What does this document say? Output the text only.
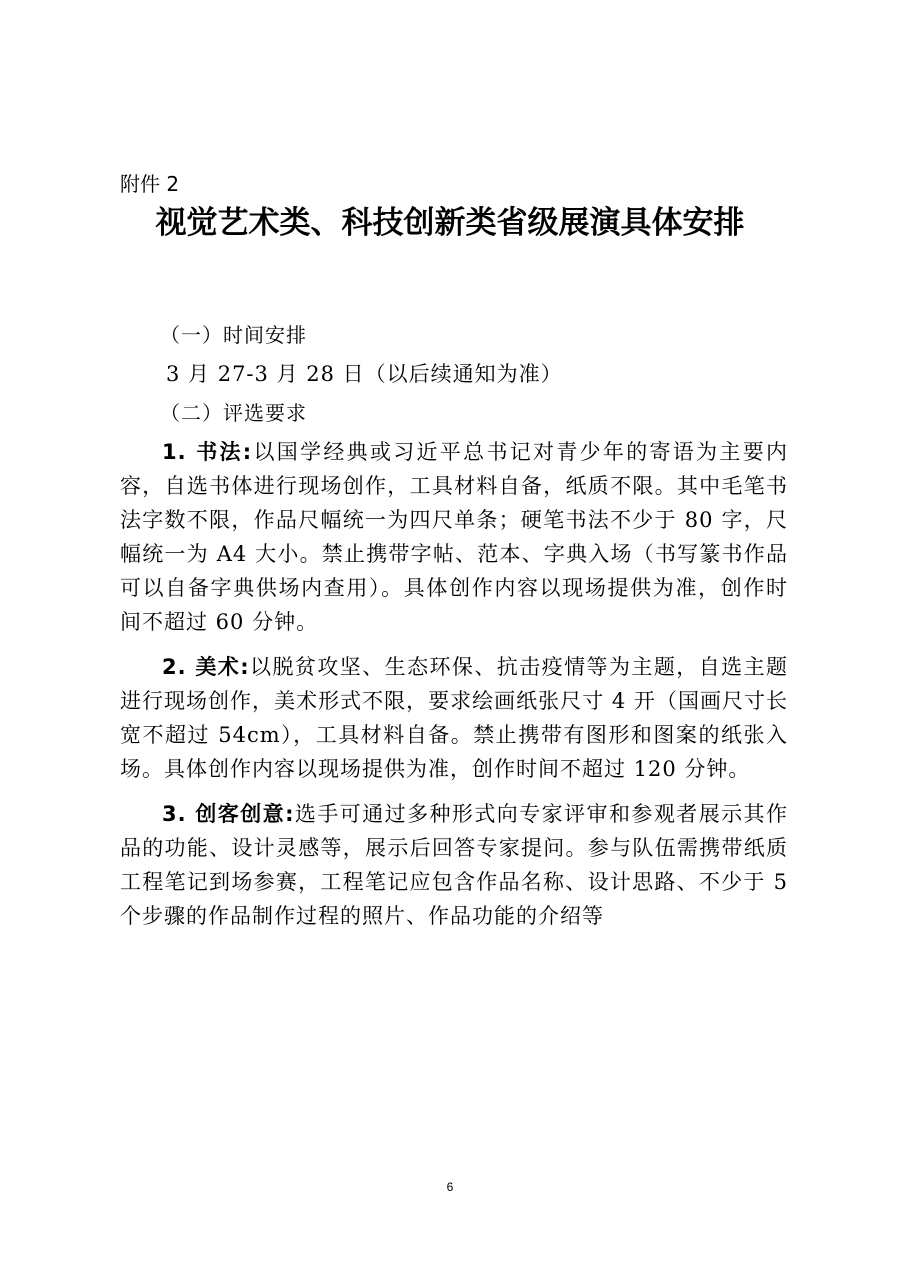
附件 2
视觉艺术类、科技创新类省级展演具体安排

（一）时间安排

3 月 27-3 月 28 日（以后续通知为准）

（二）评选要求

1. 书法:以国学经典或习近平总书记对青少年的寄语为主要内容，自选书体进行现场创作，工具材料自备，纸质不限。其中毛笔书法字数不限，作品尺幅统一为四尺单条；硬笔书法不少于 80 字，尺幅统一为 A4 大小。禁止携带字帖、范本、字典入场（书写篆书作品可以自备字典供场内查用）。具体创作内容以现场提供为准，创作时间不超过 60 分钟。

2. 美术:以脱贫攻坚、生态环保、抗击疫情等为主题，自选主题进行现场创作，美术形式不限，要求绘画纸张尺寸 4 开（国画尺寸长宽不超过 54cm），工具材料自备。禁止携带有图形和图案的纸张入场。具体创作内容以现场提供为准，创作时间不超过 120 分钟。

3. 创客创意:选手可通过多种形式向专家评审和参观者展示其作品的功能、设计灵感等，展示后回答专家提问。参与队伍需携带纸质工程笔记到场参赛，工程笔记应包含作品名称、设计思路、不少于 5 个步骤的作品制作过程的照片、作品功能的介绍等

6
